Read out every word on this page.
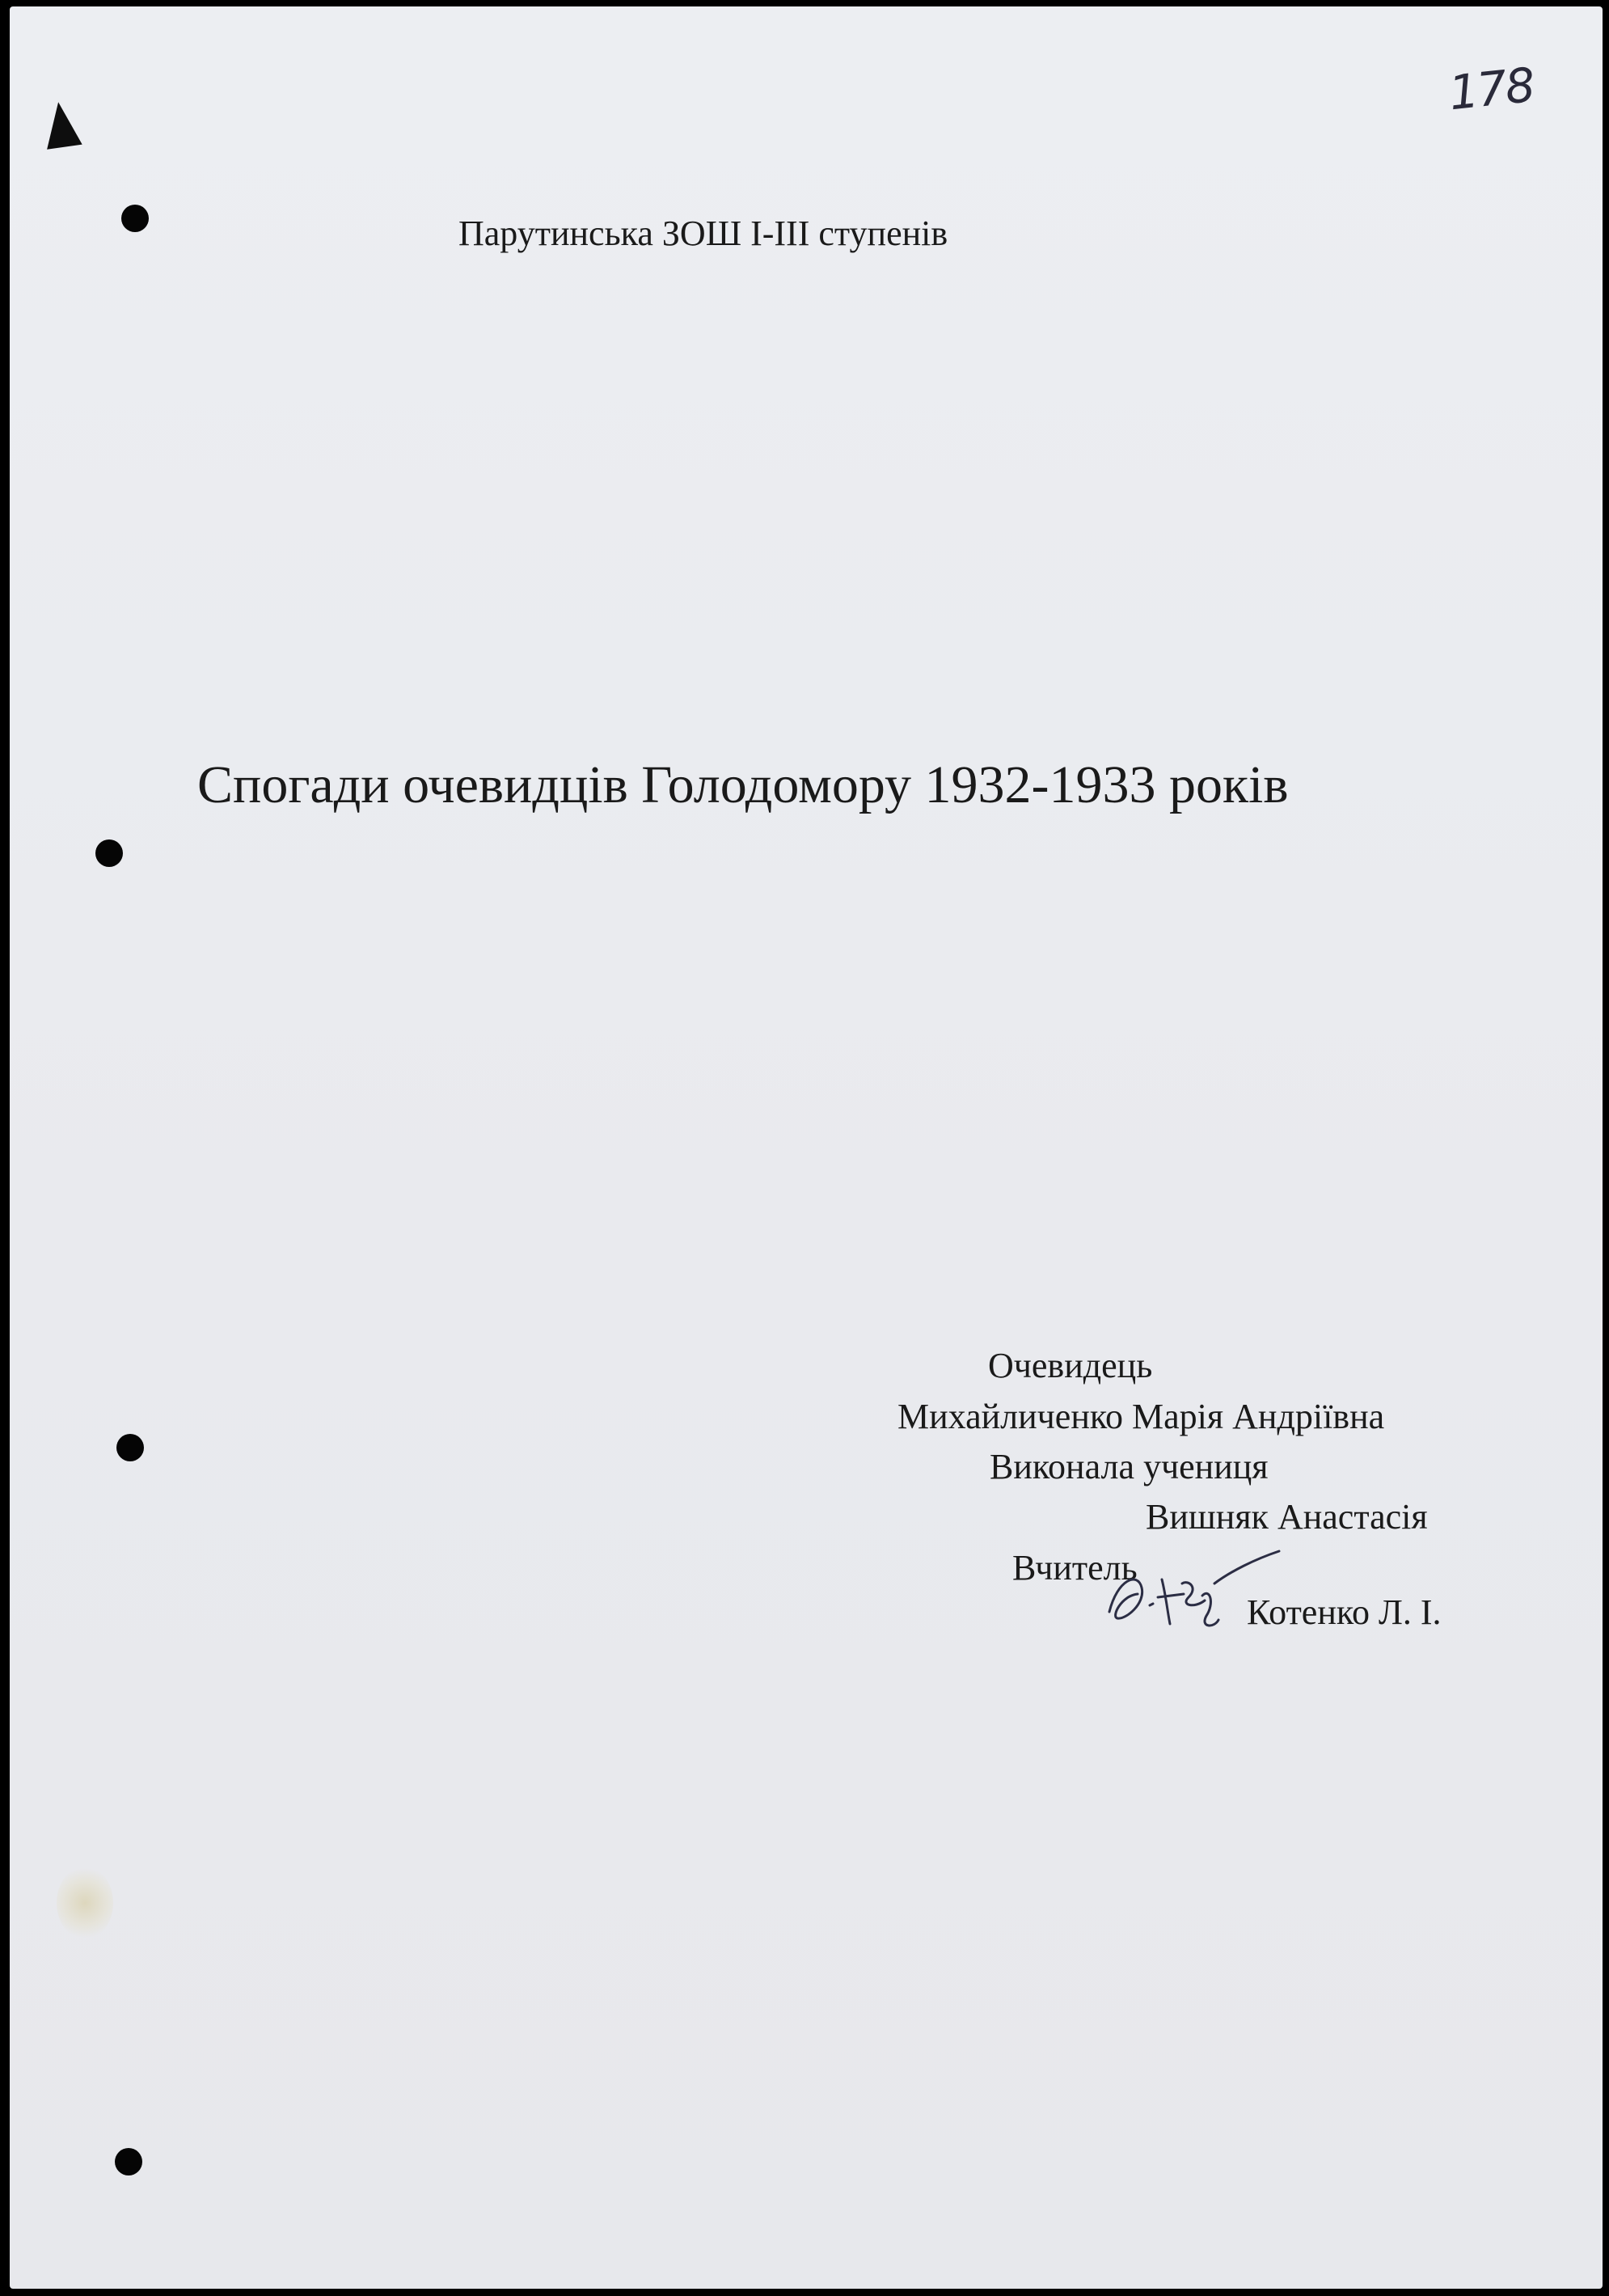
178
Парутинська ЗОШ І-ІІІ ступенів
Спогади очевидців Голодомору 1932-1933 років
Очевидець
Михайличенко Марія Андріївна
Виконала учениця
Вишняк Анастасія
Вчитель
Котенко Л. І.
